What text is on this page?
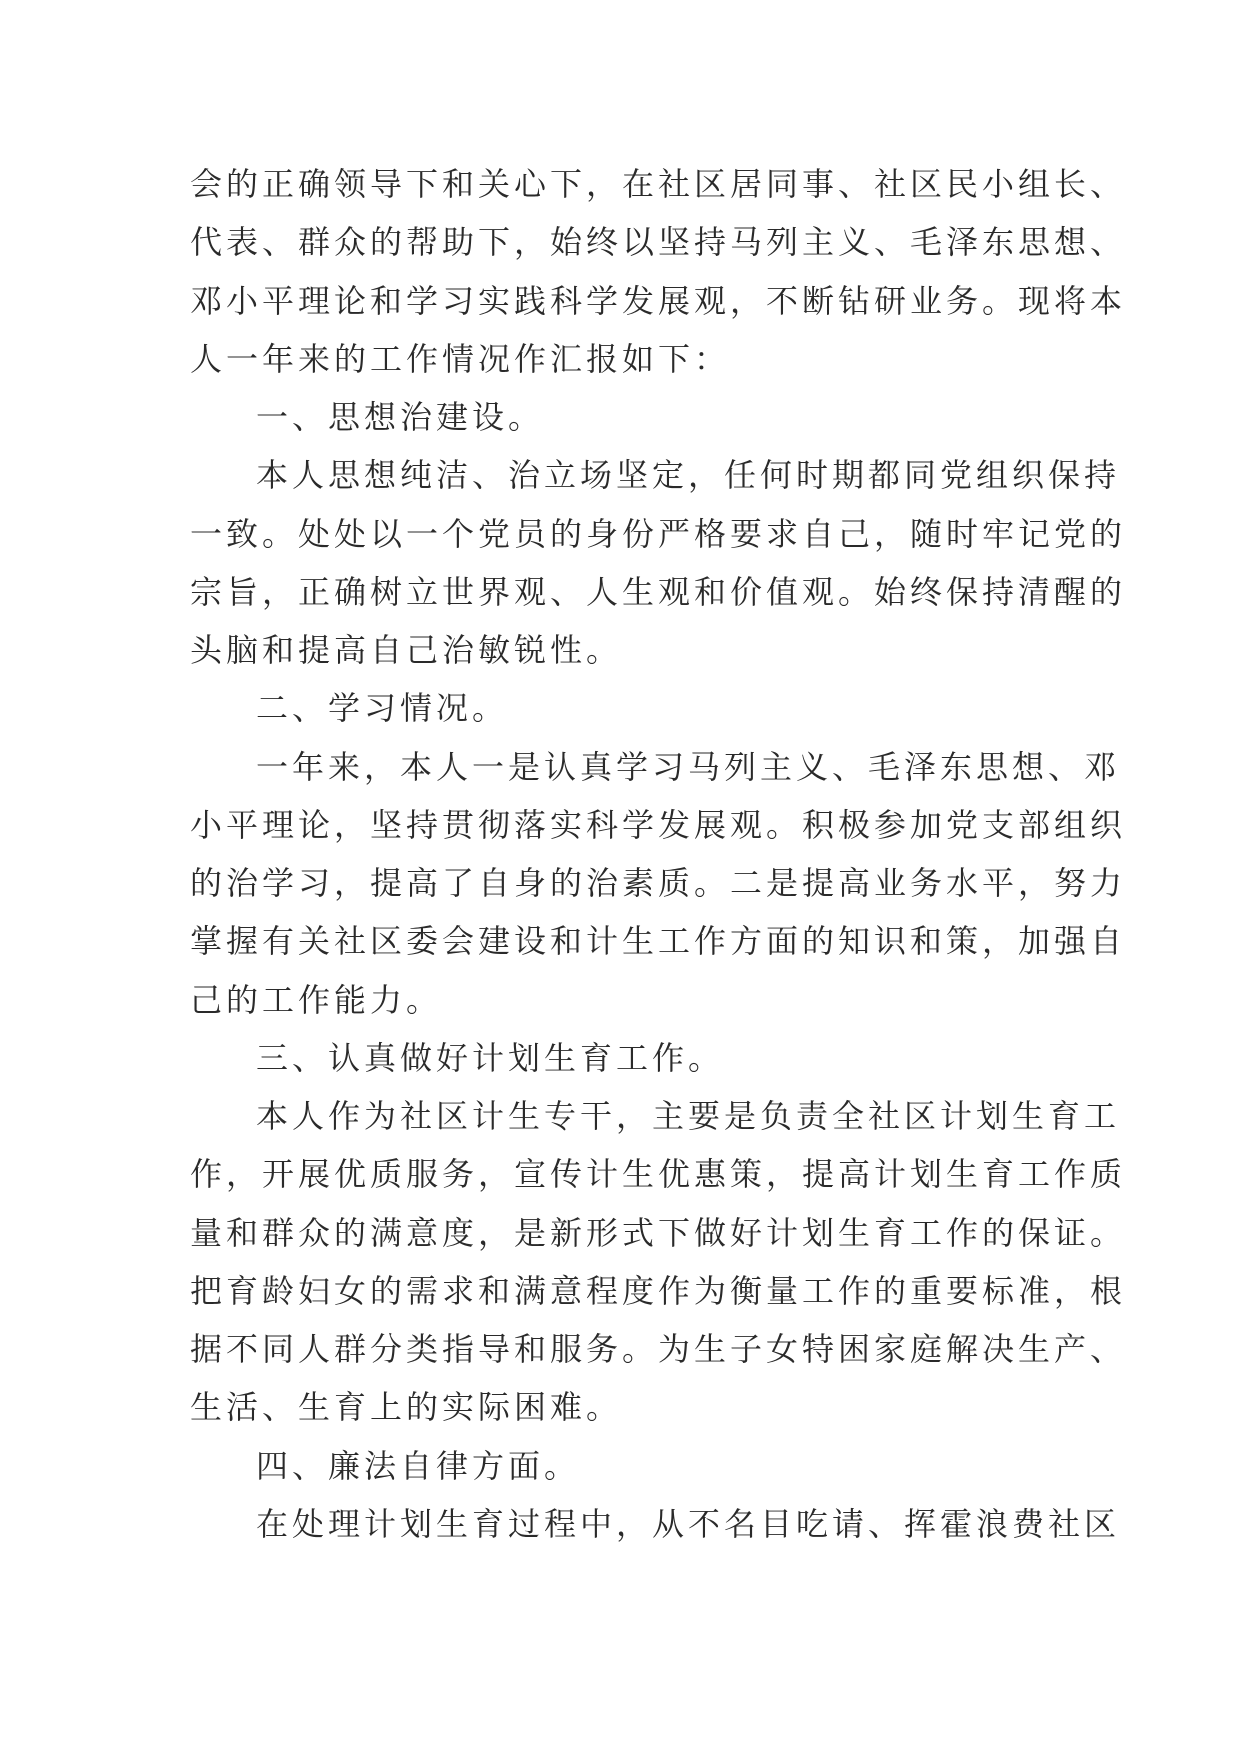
会的正确领导下和关心下，在社区居同事、社区民小组长、

代表、群众的帮助下，始终以坚持马列主义、毛泽东思想、

邓小平理论和学习实践科学发展观，不断钻研业务。现将本

人一年来的工作情况作汇报如下：

一、思想治建设。

本人思想纯洁、治立场坚定，任何时期都同党组织保持

一致。处处以一个党员的身份严格要求自己，随时牢记党的

宗旨，正确树立世界观、人生观和价值观。始终保持清醒的

头脑和提高自己治敏锐性。

二、学习情况。

一年来，本人一是认真学习马列主义、毛泽东思想、邓

小平理论，坚持贯彻落实科学发展观。积极参加党支部组织

的治学习，提高了自身的治素质。二是提高业务水平，努力

掌握有关社区委会建设和计生工作方面的知识和策，加强自

己的工作能力。

三、认真做好计划生育工作。

本人作为社区计生专干，主要是负责全社区计划生育工

作，开展优质服务，宣传计生优惠策，提高计划生育工作质

量和群众的满意度，是新形式下做好计划生育工作的保证。

把育龄妇女的需求和满意程度作为衡量工作的重要标准，根

据不同人群分类指导和服务。为生子女特困家庭解决生产、

生活、生育上的实际困难。

四、廉法自律方面。

在处理计划生育过程中，从不名目吃请、挥霍浪费社区
